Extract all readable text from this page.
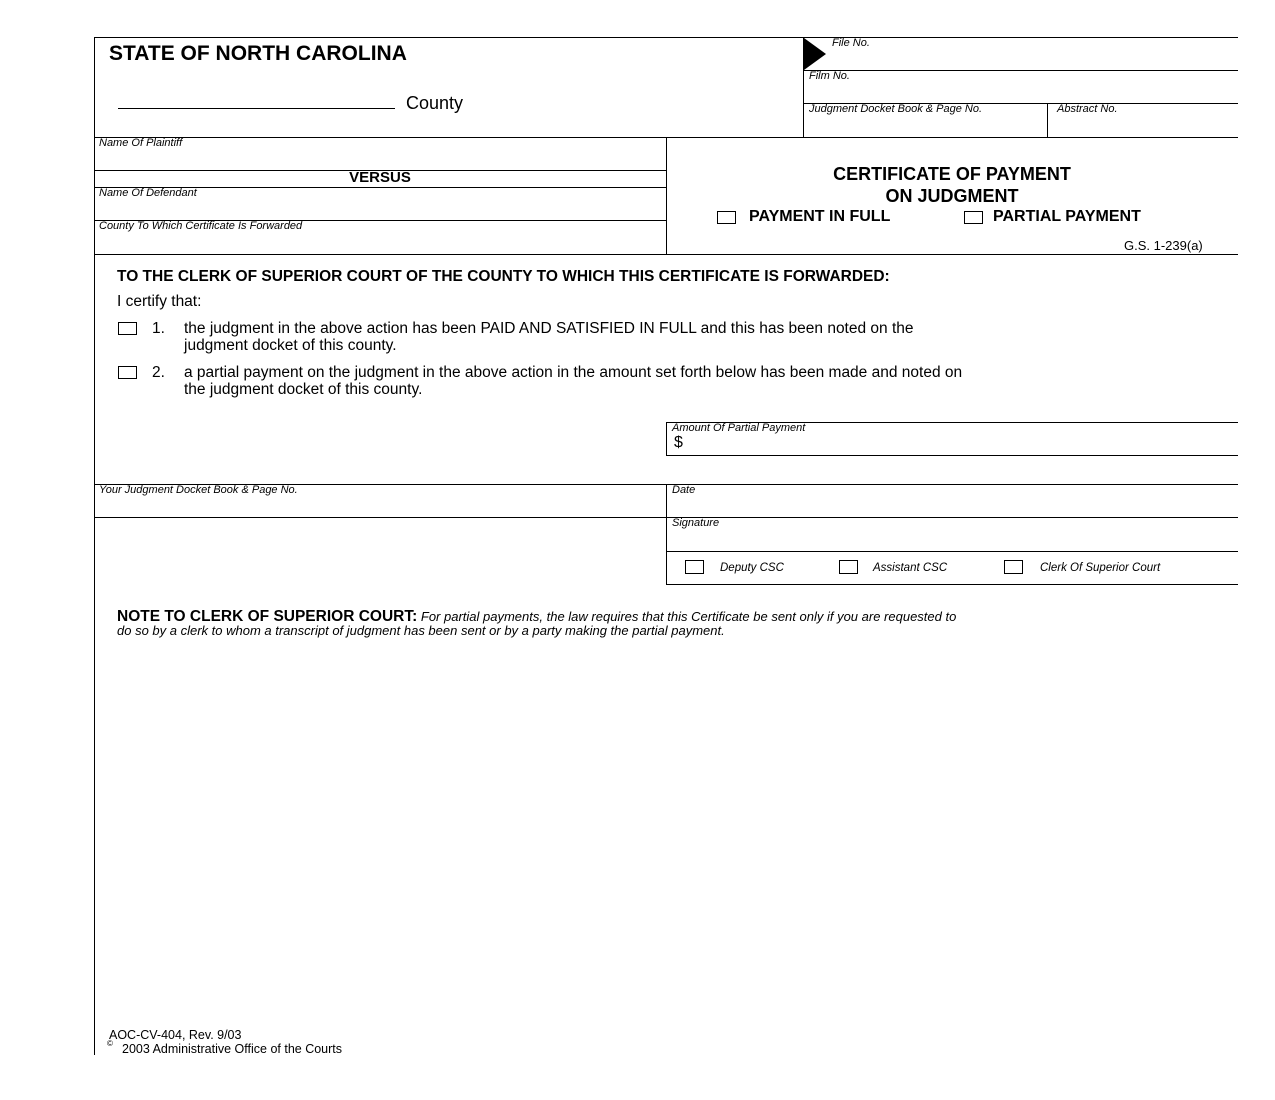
STATE OF NORTH CAROLINA
County
File No.
Film No.
Judgment Docket Book & Page No.	Abstract No.
Name Of Plaintiff
VERSUS
Name Of Defendant
County To Which Certificate Is Forwarded
CERTIFICATE OF PAYMENT
ON JUDGMENT
PAYMENT IN FULL	PARTIAL PAYMENT
G.S. 1-239(a)
TO THE CLERK OF SUPERIOR COURT OF THE COUNTY TO WHICH THIS CERTIFICATE IS FORWARDED:
I certify that:
1. the judgment in the above action has been PAID AND SATISFIED IN FULL and this has been noted on the
judgment docket of this county.
2. a partial payment on the judgment in the above action in the amount set forth below has been made and noted on
the judgment docket of this county.
Amount Of Partial Payment
$
Your Judgment Docket Book & Page No.	Date
Signature
Deputy CSC	Assistant CSC	Clerk Of Superior Court
NOTE TO CLERK OF SUPERIOR COURT: For partial payments, the law requires that this Certificate be sent only if you are requested to
do so by a clerk to whom a transcript of judgment has been sent or by a party making the partial payment.
AOC-CV-404, Rev. 9/03
© 2003 Administrative Office of the Courts
